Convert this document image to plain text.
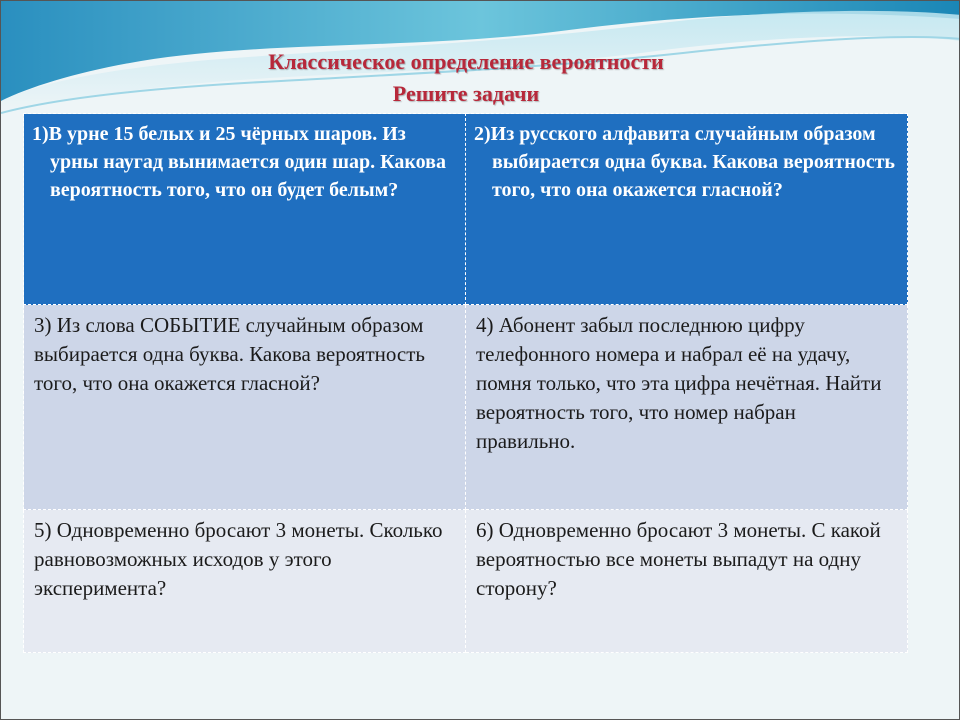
Классическое определение вероятности
Решите задачи
1)В урне 15 белых и 25 чёрных шаров. Из урны наугад вынимается один шар. Какова вероятность того, что он будет белым?	2)Из русского алфавита случайным образом выбирается одна буква. Какова вероятность того, что она окажется гласной?
3) Из слова СОБЫТИЕ случайным образом выбирается одна буква. Какова вероятность того, что она окажется гласной?	4) Абонент забыл последнюю цифру телефонного номера и набрал её на удачу, помня только, что эта цифра нечётная. Найти вероятность того, что номер набран правильно.
5) Одновременно бросают 3 монеты. Сколько равновозможных исходов у этого эксперимента?	6) Одновременно бросают 3 монеты. С какой вероятностью все монеты выпадут на одну сторону?
